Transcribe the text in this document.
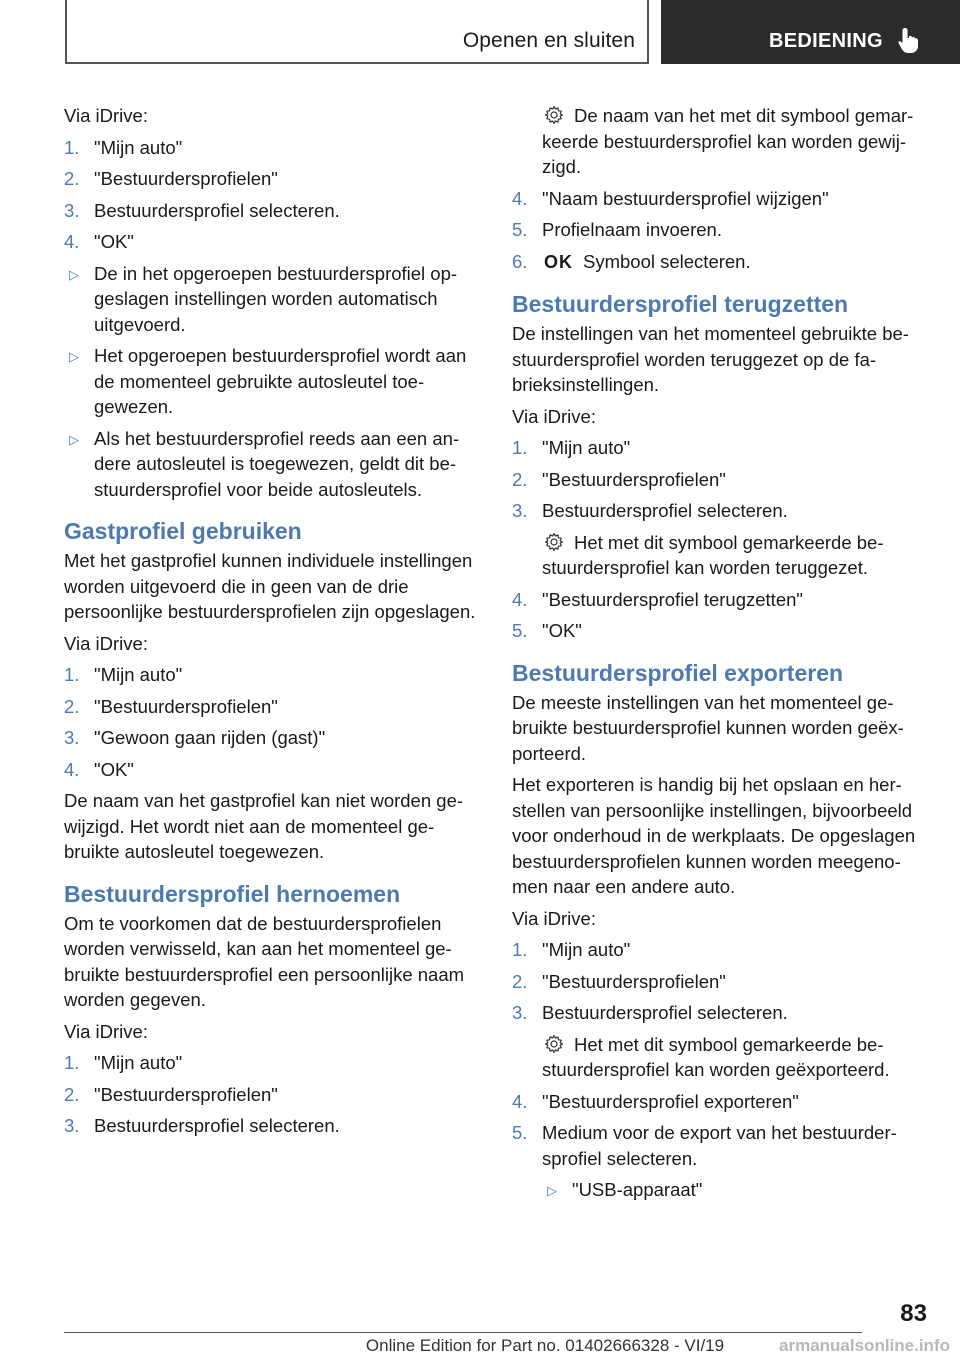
Openen en sluiten	BEDIENING
Via iDrive:
1. "Mijn auto"
2. "Bestuurdersprofielen"
3. Bestuurdersprofiel selecteren.
4. "OK"
▷ De in het opgeroepen bestuurdersprofiel opgeslagen instellingen worden automatisch uitgevoerd.
▷ Het opgeroepen bestuurdersprofiel wordt aan de momenteel gebruikte autosleutel toegewezen.
▷ Als het bestuurdersprofiel reeds aan een andere autosleutel is toegewezen, geldt dit bestuurdersprofiel voor beide autosleutels.
Gastprofiel gebruiken
Met het gastprofiel kunnen individuele instellingen worden uitgevoerd die in geen van de drie persoonlijke bestuurdersprofielen zijn opgeslagen.
Via iDrive:
1. "Mijn auto"
2. "Bestuurdersprofielen"
3. "Gewoon gaan rijden (gast)"
4. "OK"
De naam van het gastprofiel kan niet worden gewijzigd. Het wordt niet aan de momenteel gebruikte autosleutel toegewezen.
Bestuurdersprofiel hernoemen
Om te voorkomen dat de bestuurdersprofielen worden verwisseld, kan aan het momenteel gebruikte bestuurdersprofiel een persoonlijke naam worden gegeven.
Via iDrive:
1. "Mijn auto"
2. "Bestuurdersprofielen"
3. Bestuurdersprofiel selecteren.
De naam van het met dit symbool gemarkeerde bestuurdersprofiel kan worden gewijzigd.
4. "Naam bestuurdersprofiel wijzigen"
5. Profielnaam invoeren.
6. OK Symbool selecteren.
Bestuurdersprofiel terugzetten
De instellingen van het momenteel gebruikte bestuurdersprofiel worden teruggezet op de fabrieksinstellingen.
Via iDrive:
1. "Mijn auto"
2. "Bestuurdersprofielen"
3. Bestuurdersprofiel selecteren.
Het met dit symbool gemarkeerde bestuurdersprofiel kan worden teruggezet.
4. "Bestuurdersprofiel terugzetten"
5. "OK"
Bestuurdersprofiel exporteren
De meeste instellingen van het momenteel gebruikte bestuurdersprofiel kunnen worden geëxporteerd.
Het exporteren is handig bij het opslaan en herstellen van persoonlijke instellingen, bijvoorbeeld voor onderhoud in de werkplaats. De opgeslagen bestuurdersprofielen kunnen worden meegenomen naar een andere auto.
Via iDrive:
1. "Mijn auto"
2. "Bestuurdersprofielen"
3. Bestuurdersprofiel selecteren.
Het met dit symbool gemarkeerde bestuurdersprofiel kan worden geëxporteerd.
4. "Bestuurdersprofiel exporteren"
5. Medium voor de export van het bestuurdersprofiel selecteren.
▷ "USB-apparaat"
83
Online Edition for Part no. 01402666328 - VI/19	armanualsonline.info
